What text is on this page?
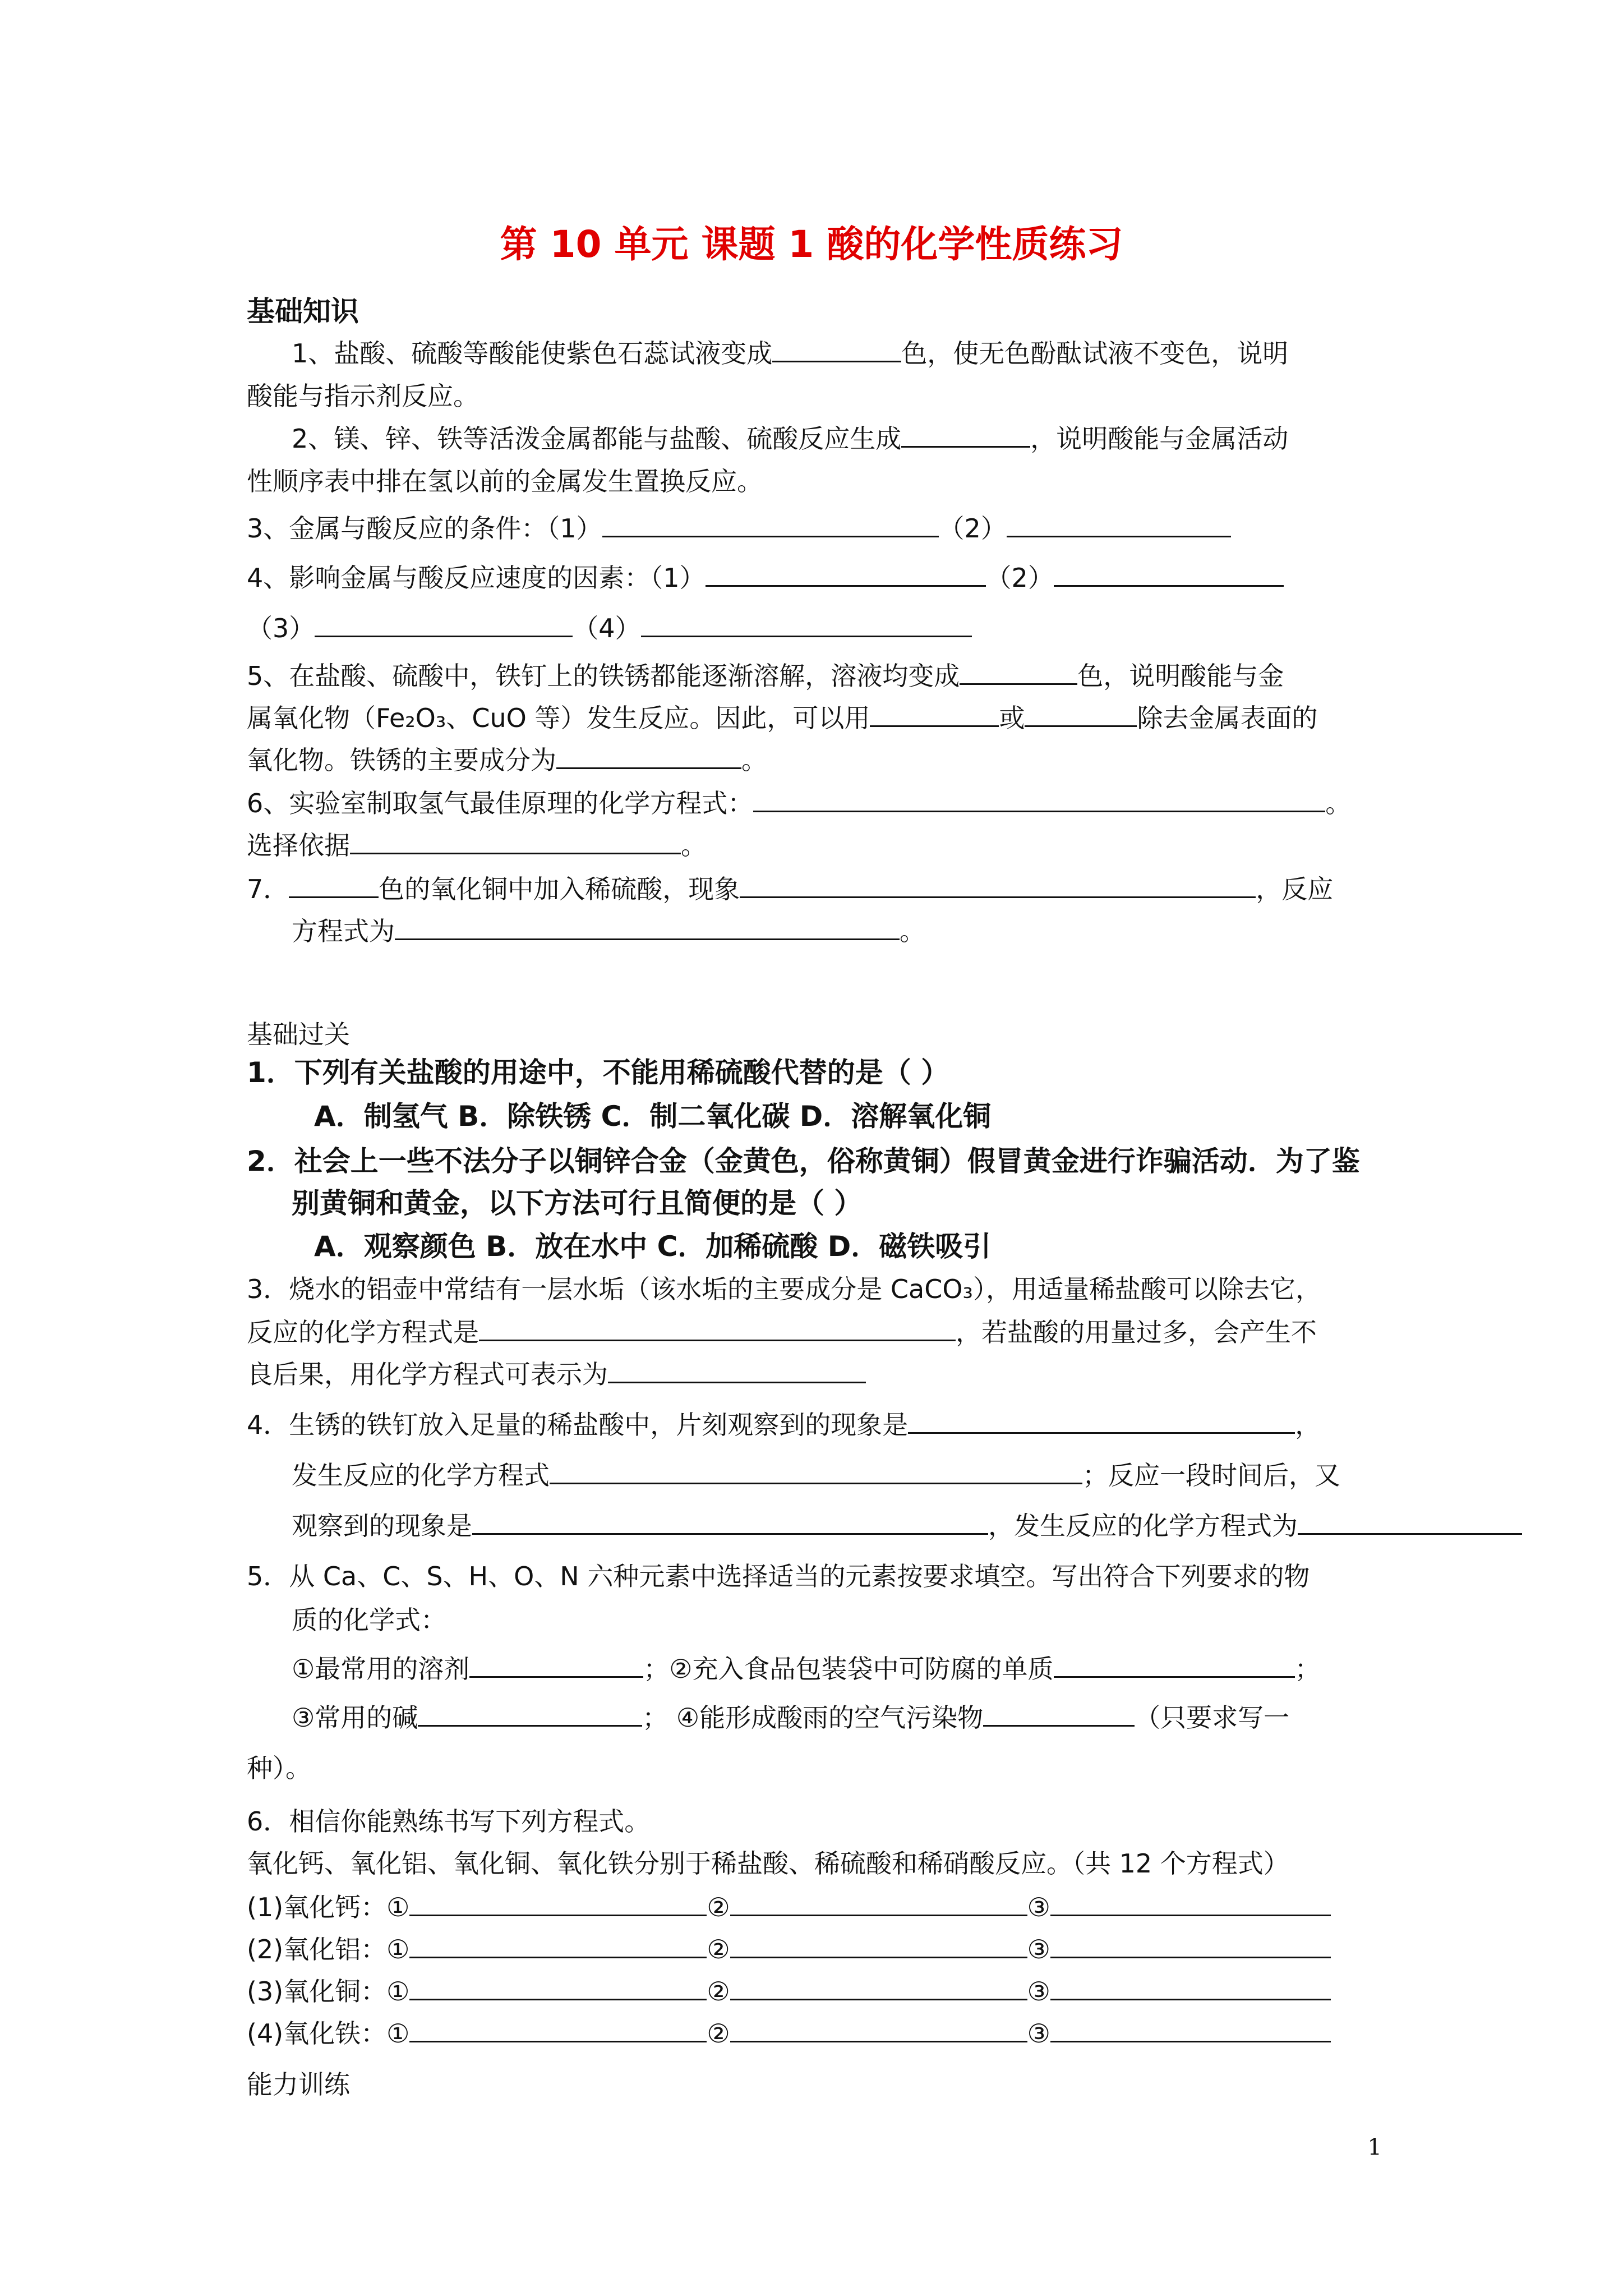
第 10 单元 课题 1 酸的化学性质练习
基础知识
1、盐酸、硫酸等酸能使紫色石蕊试液变成	色，使无色酚酞试液不变色，说明
酸能与指示剂反应。
2、镁、锌、铁等活泼金属都能与盐酸、硫酸反应生成	，说明酸能与金属活动
性顺序表中排在氢以前的金属发生置换反应。
3、金属与酸反应的条件：（1）	（2）
4、影响金属与酸反应速度的因素：（1）	（2）
（3）	（4）
5、在盐酸、硫酸中，铁钉上的铁锈都能逐渐溶解，溶液均变成	色，说明酸能与金
属氧化物（Fe₂O₃、CuO 等）发生反应。因此，可以用	或	除去金属表面的
氧化物。铁锈的主要成分为	。
6、实验室制取氢气最佳原理的化学方程式：	。
选择依据	。
7．	色的氧化铜中加入稀硫酸，现象	，反应
方程式为	。
基础过关
1．下列有关盐酸的用途中，不能用稀硫酸代替的是（ ）
A．制氢气 B．除铁锈 C．制二氧化碳 D．溶解氧化铜
2．社会上一些不法分子以铜锌合金（金黄色，俗称黄铜）假冒黄金进行诈骗活动．为了鉴
别黄铜和黄金，以下方法可行且简便的是（ ）
A．观察颜色 B．放在水中 C．加稀硫酸 D．磁铁吸引
3．烧水的铝壶中常结有一层水垢（该水垢的主要成分是 CaCO₃），用适量稀盐酸可以除去它，
反应的化学方程式是	，若盐酸的用量过多，会产生不
良后果，用化学方程式可表示为
4．生锈的铁钉放入足量的稀盐酸中，片刻观察到的现象是	，
发生反应的化学方程式	；反应一段时间后，又
观察到的现象是	，发生反应的化学方程式为
5．从 Ca、C、S、H、O、N 六种元素中选择适当的元素按要求填空。写出符合下列要求的物
质的化学式：
①最常用的溶剂	；②充入食品包装袋中可防腐的单质	；
③常用的碱	； ④能形成酸雨的空气污染物	（只要求写一
种）。
6．相信你能熟练书写下列方程式。
氧化钙、氧化铝、氧化铜、氧化铁分别于稀盐酸、稀硫酸和稀硝酸反应。（共 12 个方程式）
(1)氧化钙：①	②	③
(2)氧化铝：①	②	③
(3)氧化铜：①	②	③
(4)氧化铁：①	②	③
能力训练
1
